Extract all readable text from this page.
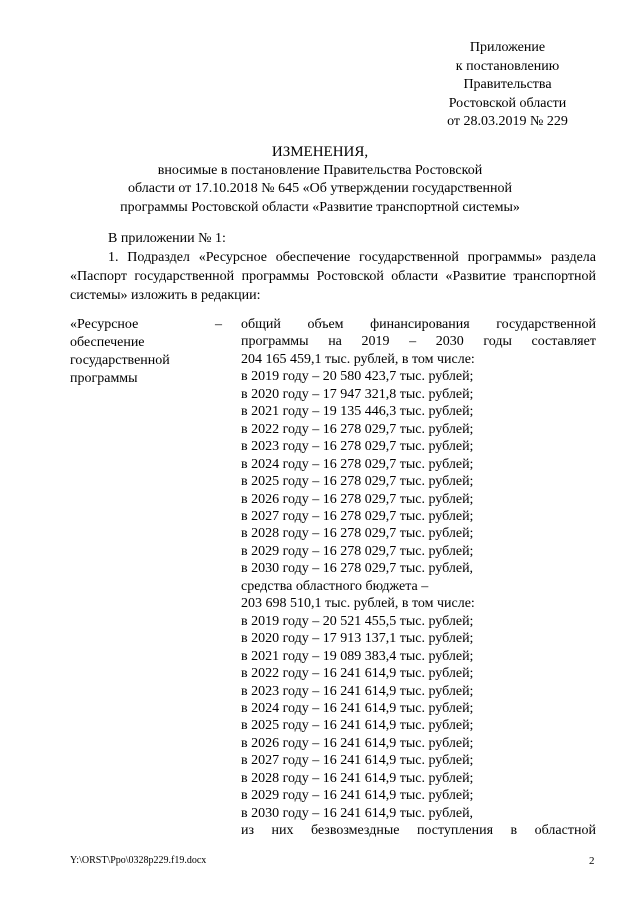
Приложение
к постановлению
Правительства
Ростовской области
от 28.03.2019 № 229
ИЗМЕНЕНИЯ,
вносимые в постановление Правительства Ростовской
области от 17.10.2018 № 645 «Об утверждении государственной
программы Ростовской области «Развитие транспортной системы»
В приложении № 1:
1. Подраздел «Ресурсное обеспечение государственной программы» раздела «Паспорт государственной программы Ростовской области «Развитие транспортной системы» изложить в редакции:
«Ресурсное
обеспечение
государственной
программы
– общий объем финансирования государственной
программы на 2019 – 2030 годы составляет
204 165 459,1 тыс. рублей, в том числе:
в 2019 году – 20 580 423,7 тыс. рублей;
в 2020 году – 17 947 321,8 тыс. рублей;
в 2021 году – 19 135 446,3 тыс. рублей;
в 2022 году – 16 278 029,7 тыс. рублей;
в 2023 году – 16 278 029,7 тыс. рублей;
в 2024 году – 16 278 029,7 тыс. рублей;
в 2025 году – 16 278 029,7 тыс. рублей;
в 2026 году – 16 278 029,7 тыс. рублей;
в 2027 году – 16 278 029,7 тыс. рублей;
в 2028 году – 16 278 029,7 тыс. рублей;
в 2029 году – 16 278 029,7 тыс. рублей;
в 2030 году – 16 278 029,7 тыс. рублей,
средства областного бюджета –
203 698 510,1 тыс. рублей, в том числе:
в 2019 году – 20 521 455,5 тыс. рублей;
в 2020 году – 17 913 137,1 тыс. рублей;
в 2021 году – 19 089 383,4 тыс. рублей;
в 2022 году – 16 241 614,9 тыс. рублей;
в 2023 году – 16 241 614,9 тыс. рублей;
в 2024 году – 16 241 614,9 тыс. рублей;
в 2025 году – 16 241 614,9 тыс. рублей;
в 2026 году – 16 241 614,9 тыс. рублей;
в 2027 году – 16 241 614,9 тыс. рублей;
в 2028 году – 16 241 614,9 тыс. рублей;
в 2029 году – 16 241 614,9 тыс. рублей;
в 2030 году – 16 241 614,9 тыс. рублей,
из них безвозмездные поступления в областной
Y:\ORST\Ppo\0328p229.f19.docx	2
